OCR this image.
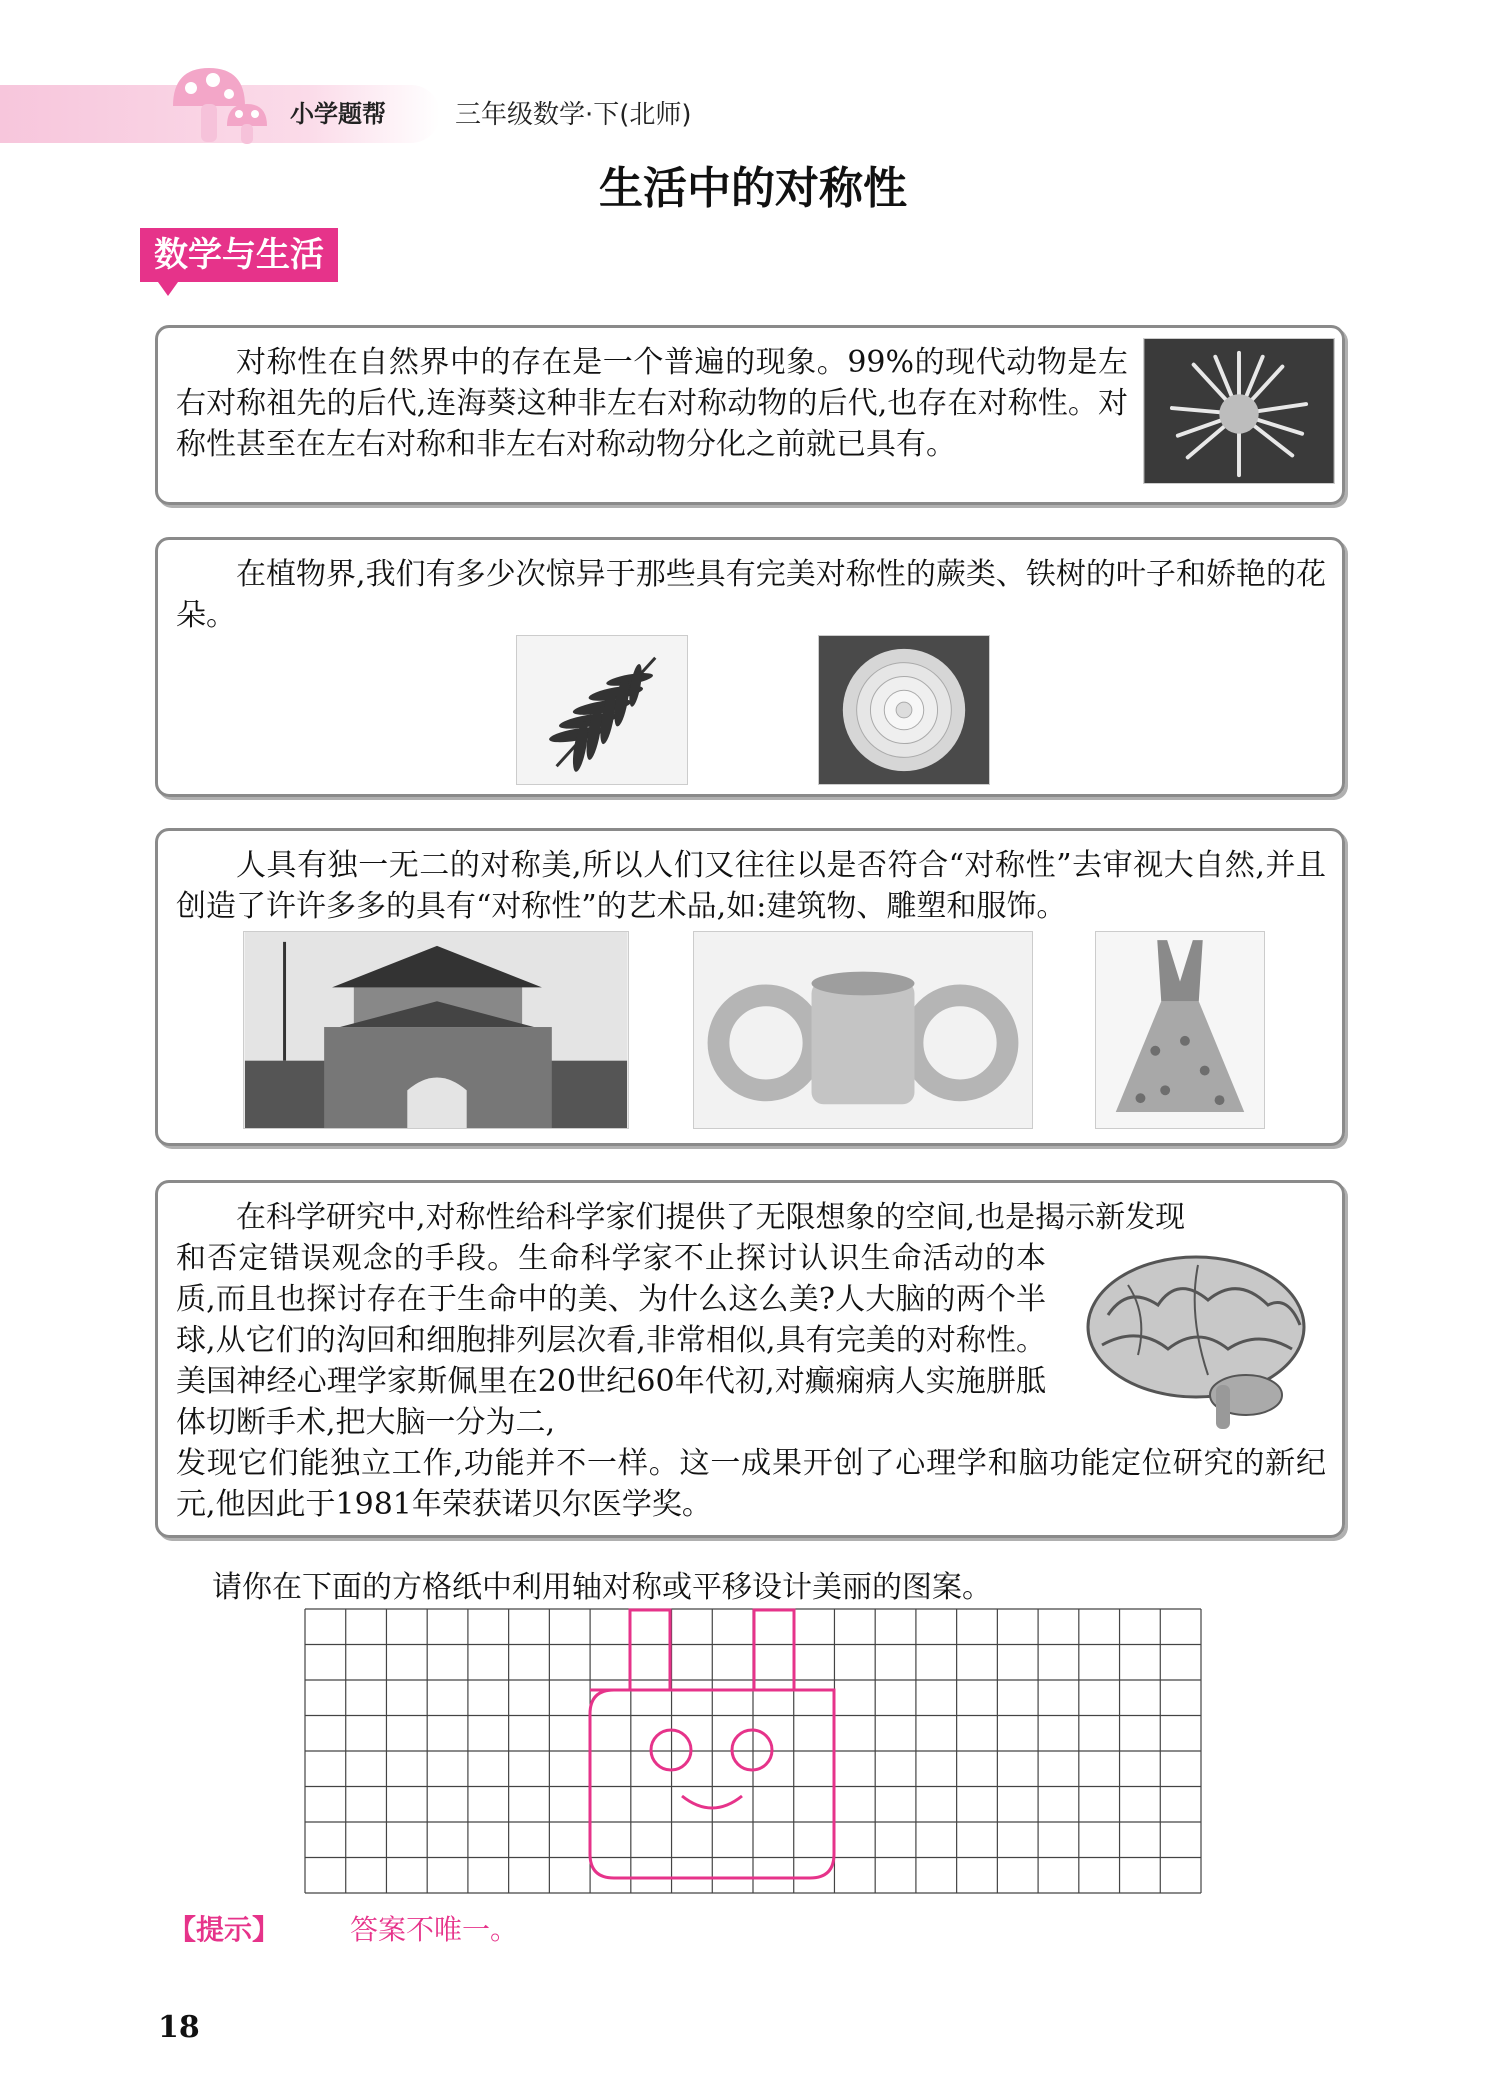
小学题帮	三年级数学·下(北师)
生活中的对称性
数学与生活

对称性在自然界中的存在是一个普遍的现象。99%的现代动物是左右对称祖先的后代,连海葵这种非左右对称动物的后代,也存在对称性。对称性甚至在左右对称和非左右对称动物分化之前就已具有。

在植物界,我们有多少次惊异于那些具有完美对称性的蕨类、铁树的叶子和娇艳的花朵。

人具有独一无二的对称美,所以人们又往往以是否符合“对称性”去审视大自然,并且创造了许许多多的具有“对称性”的艺术品,如:建筑物、雕塑和服饰。

在科学研究中,对称性给科学家们提供了无限想象的空间,也是揭示新发现

和否定错误观念的手段。生命科学家不止探讨认识生命活动的本质,而且也探讨存在于生命中的美、为什么这么美?人大脑的两个半球,从它们的沟回和细胞排列层次看,非常相似,具有完美的对称性。美国神经心理学家斯佩里在20世纪60年代初,对癫痫病人实施胼胝体切断手术,把大脑一分为二,

发现它们能独立工作,功能并不一样。这一成果开创了心理学和脑功能定位研究的新纪元,他因此于1981年荣获诺贝尔医学奖。

请你在下面的方格纸中利用轴对称或平移设计美丽的图案。
【提示】 答案不唯一。
18
